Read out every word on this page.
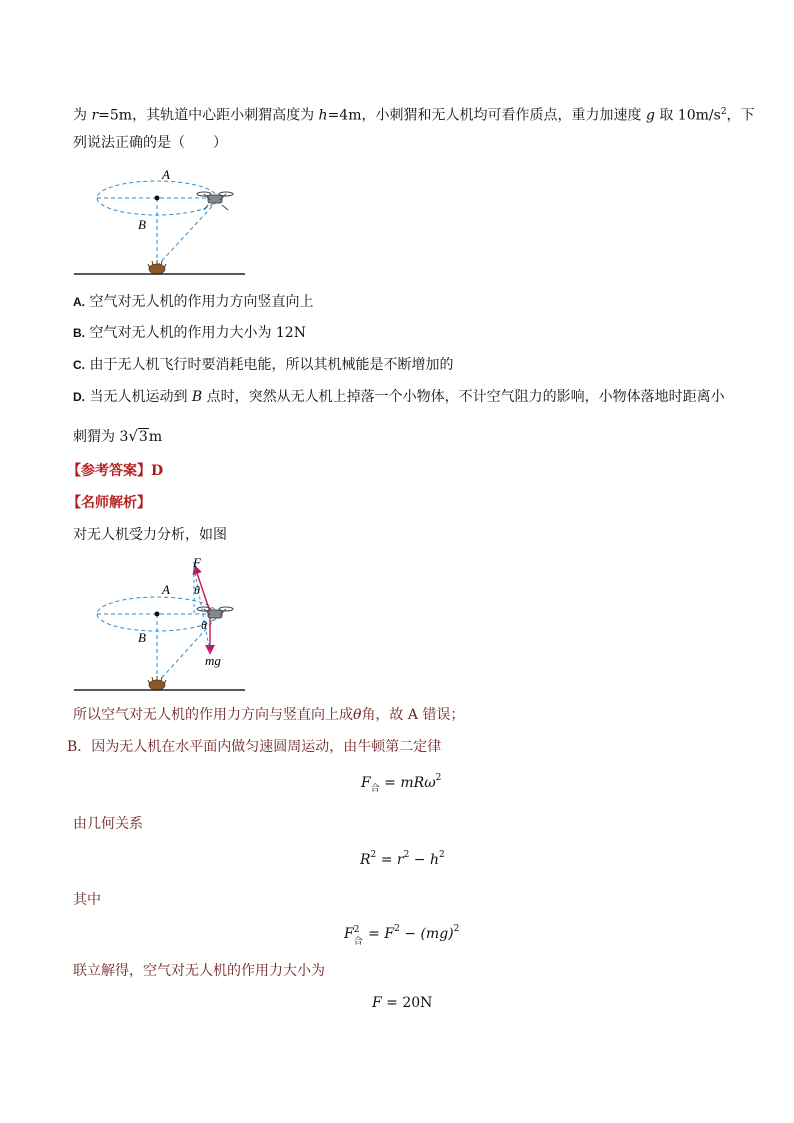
为 r=5m，其轨道中心距小刺猬高度为 h=4m，小刺猬和无人机均可看作质点，重力加速度 g 取 $10m/s^2$，下
列说法正确的是（　　）
A
B
A. 空气对无人机的作用力方向竖直向上
B. 空气对无人机的作用力大小为 12N
C. 由于无人机飞行时要消耗电能，所以其机械能是不断增加的
D. 当无人机运动到 B 点时，突然从无人机上掉落一个小物体，不计空气阻力的影响，小物体落地时距离小
刺猬为 3√3m
【参考答案】D
【名师解析】
对无人机受力分析，如图
F
θ
θ
A
B
mg
所以空气对无人机的作用力方向与竖直向上成θ角，故 A 错误；
B．因为无人机在水平面内做匀速圆周运动，由牛顿第二定律
$F_合 = mR\omega^2$
由几何关系
$R^2 = r^2 - h^2$
其中
F 2
合 = $F^2 - (mg)^2$
联立解得，空气对无人机的作用力大小为
F = 20N
